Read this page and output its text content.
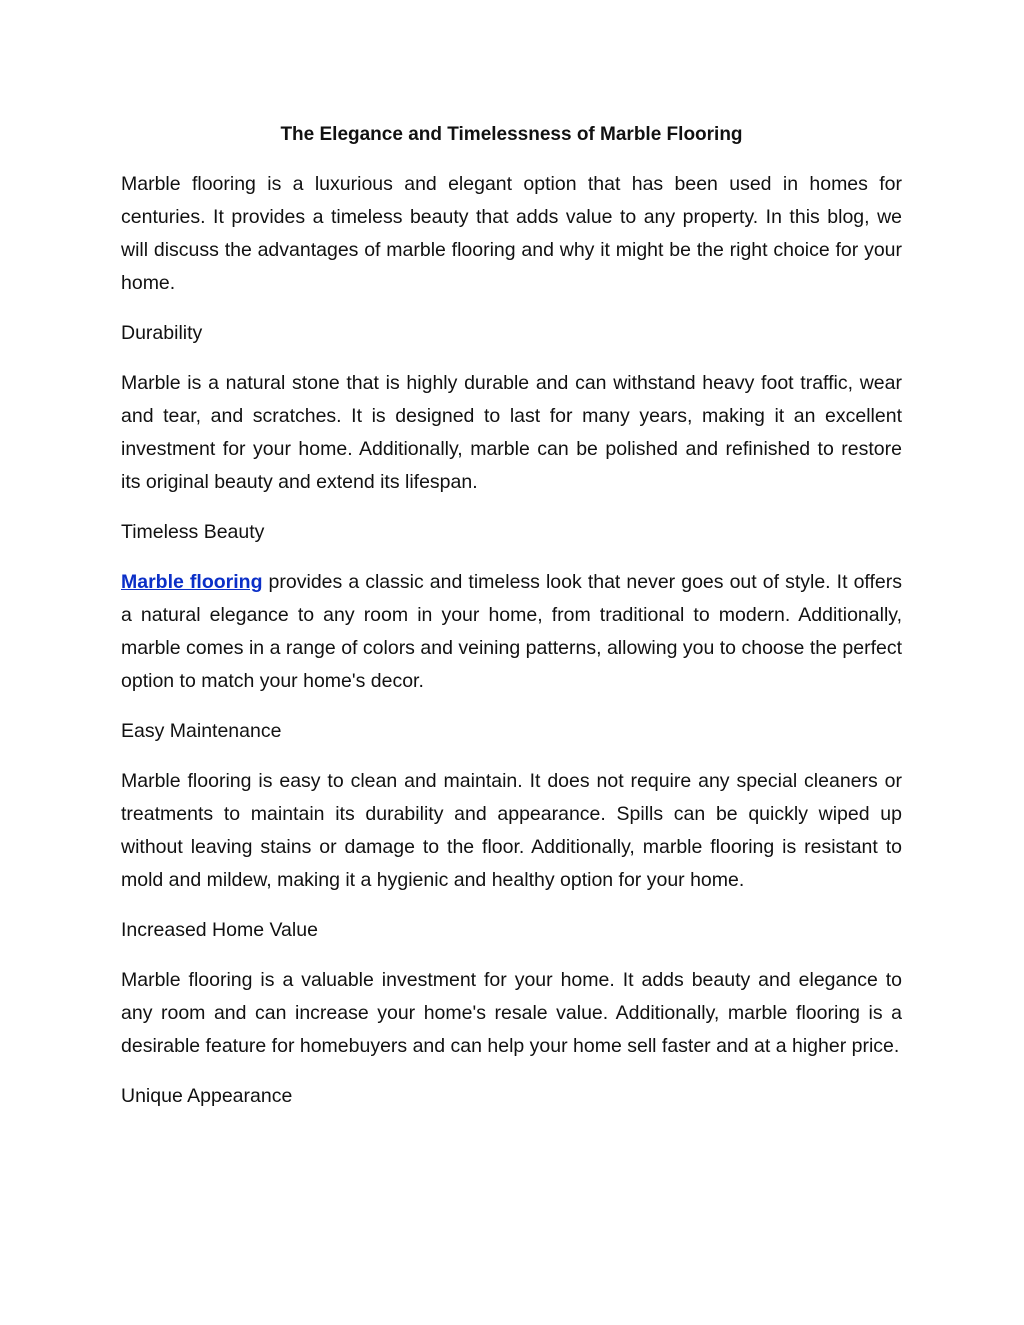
The Elegance and Timelessness of Marble Flooring

Marble flooring is a luxurious and elegant option that has been used in homes for centuries. It provides a timeless beauty that adds value to any property. In this blog, we will discuss the advantages of marble flooring and why it might be the right choice for your home.

Durability

Marble is a natural stone that is highly durable and can withstand heavy foot traffic, wear and tear, and scratches. It is designed to last for many years, making it an excellent investment for your home. Additionally, marble can be polished and refinished to restore its original beauty and extend its lifespan.

Timeless Beauty

Marble flooring provides a classic and timeless look that never goes out of style. It offers a natural elegance to any room in your home, from traditional to modern. Additionally, marble comes in a range of colors and veining patterns, allowing you to choose the perfect option to match your home's decor.

Easy Maintenance

Marble flooring is easy to clean and maintain. It does not require any special cleaners or treatments to maintain its durability and appearance. Spills can be quickly wiped up without leaving stains or damage to the floor. Additionally, marble flooring is resistant to mold and mildew, making it a hygienic and healthy option for your home.

Increased Home Value

Marble flooring is a valuable investment for your home. It adds beauty and elegance to any room and can increase your home's resale value. Additionally, marble flooring is a desirable feature for homebuyers and can help your home sell faster and at a higher price.

Unique Appearance
